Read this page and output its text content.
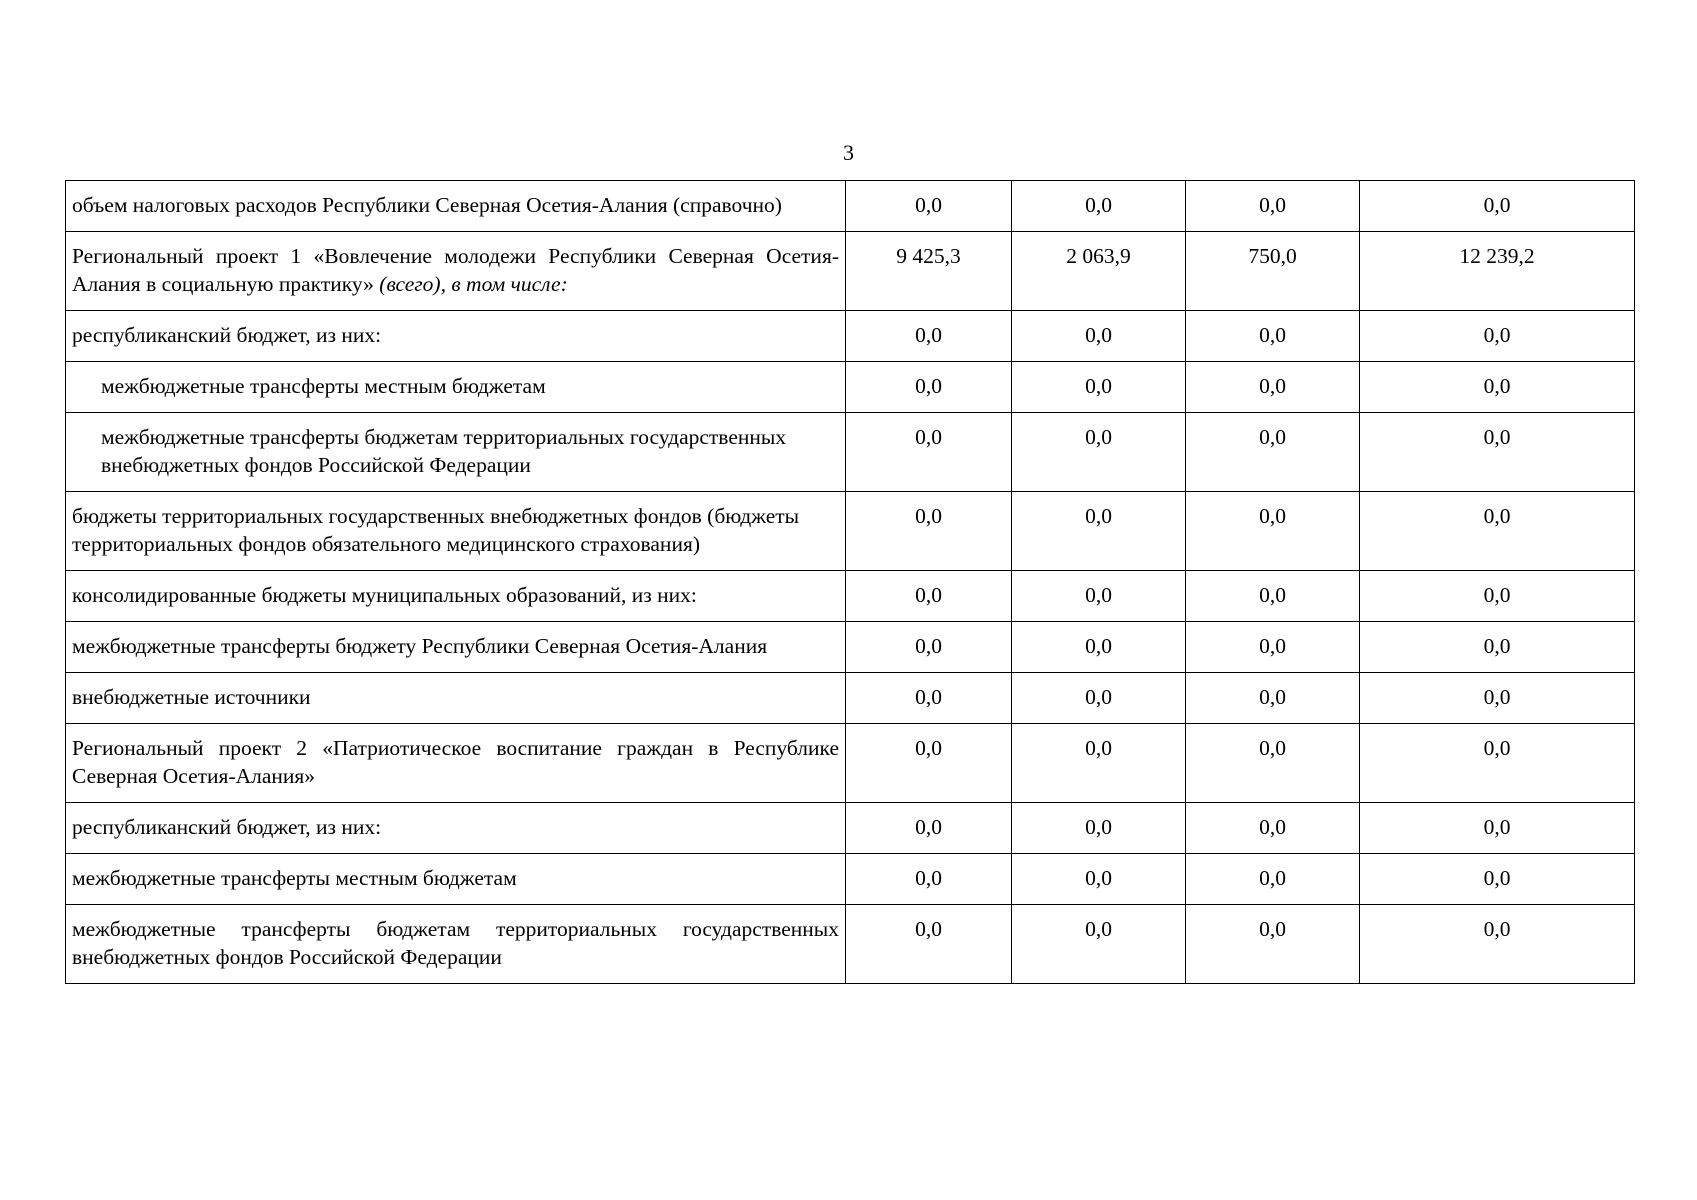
3
объем налоговых расходов Республики Северная Осетия-Алания (справочно)	0,0	0,0	0,0	0,0
Региональный проект 1 «Вовлечение молодежи Республики Северная Осетия-Алания в социальную практику» (всего), в том числе:	9 425,3	2 063,9	750,0	12 239,2
республиканский бюджет, из них:	0,0	0,0	0,0	0,0
межбюджетные трансферты местным бюджетам	0,0	0,0	0,0	0,0
межбюджетные трансферты бюджетам территориальных государственных внебюджетных фондов Российской Федерации	0,0	0,0	0,0	0,0
бюджеты территориальных государственных внебюджетных фондов (бюджеты территориальных фондов обязательного медицинского страхования)	0,0	0,0	0,0	0,0
консолидированные бюджеты муниципальных образований, из них:	0,0	0,0	0,0	0,0
межбюджетные трансферты бюджету Республики Северная Осетия-Алания	0,0	0,0	0,0	0,0
внебюджетные источники	0,0	0,0	0,0	0,0
Региональный проект 2 «Патриотическое воспитание граждан в Республике Северная Осетия-Алания»	0,0	0,0	0,0	0,0
республиканский бюджет, из них:	0,0	0,0	0,0	0,0
межбюджетные трансферты местным бюджетам	0,0	0,0	0,0	0,0
межбюджетные трансферты бюджетам территориальных государственных внебюджетных фондов Российской Федерации	0,0	0,0	0,0	0,0
